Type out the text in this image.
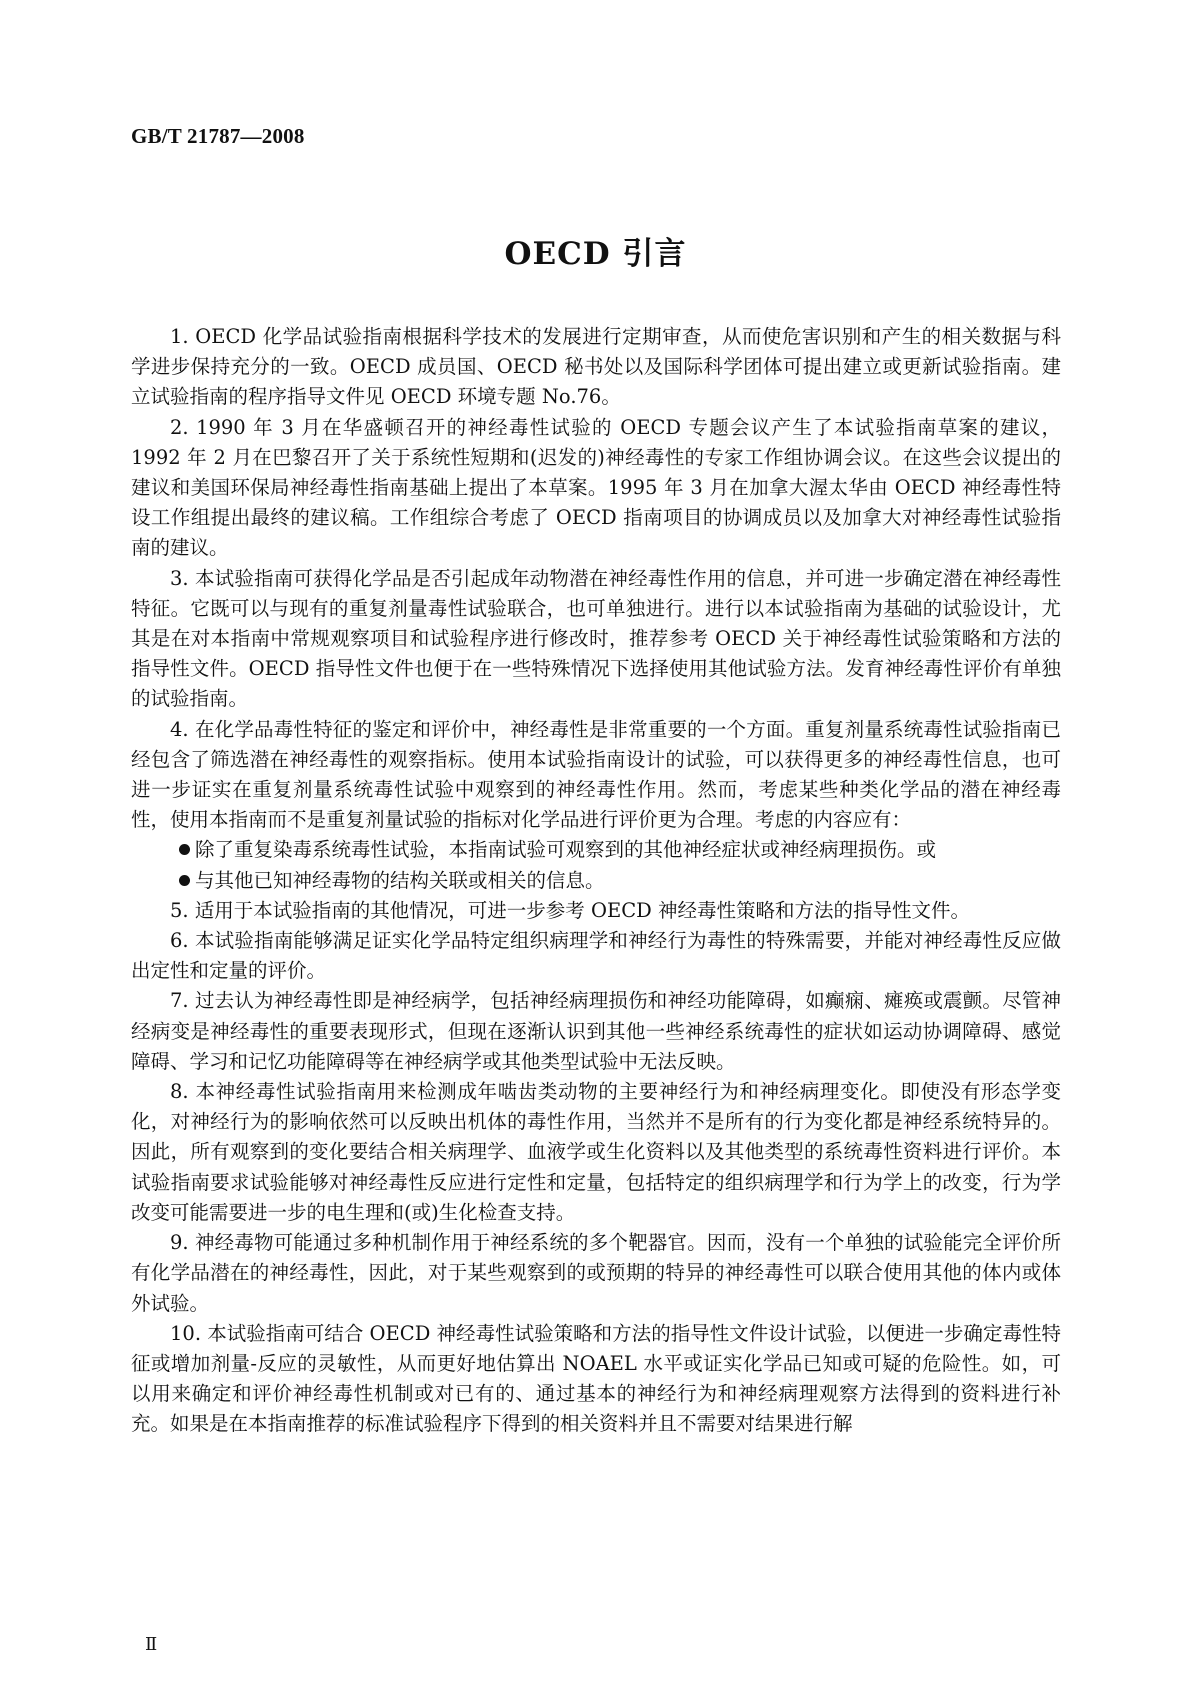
GB/T 21787—2008
OECD 引言

1. OECD 化学品试验指南根据科学技术的发展进行定期审查，从而使危害识别和产生的相关数据与科学进步保持充分的一致。OECD 成员国、OECD 秘书处以及国际科学团体可提出建立或更新试验指南。建立试验指南的程序指导文件见 OECD 环境专题 No.76。

2. 1990 年 3 月在华盛顿召开的神经毒性试验的 OECD 专题会议产生了本试验指南草案的建议，1992 年 2 月在巴黎召开了关于系统性短期和(迟发的)神经毒性的专家工作组协调会议。在这些会议提出的建议和美国环保局神经毒性指南基础上提出了本草案。1995 年 3 月在加拿大渥太华由 OECD 神经毒性特设工作组提出最终的建议稿。工作组综合考虑了 OECD 指南项目的协调成员以及加拿大对神经毒性试验指南的建议。

3. 本试验指南可获得化学品是否引起成年动物潜在神经毒性作用的信息，并可进一步确定潜在神经毒性特征。它既可以与现有的重复剂量毒性试验联合，也可单独进行。进行以本试验指南为基础的试验设计，尤其是在对本指南中常规观察项目和试验程序进行修改时，推荐参考 OECD 关于神经毒性试验策略和方法的指导性文件。OECD 指导性文件也便于在一些特殊情况下选择使用其他试验方法。发育神经毒性评价有单独的试验指南。

4. 在化学品毒性特征的鉴定和评价中，神经毒性是非常重要的一个方面。重复剂量系统毒性试验指南已经包含了筛选潜在神经毒性的观察指标。使用本试验指南设计的试验，可以获得更多的神经毒性信息，也可进一步证实在重复剂量系统毒性试验中观察到的神经毒性作用。然而，考虑某些种类化学品的潜在神经毒性，使用本指南而不是重复剂量试验的指标对化学品进行评价更为合理。考虑的内容应有：

除了重复染毒系统毒性试验，本指南试验可观察到的其他神经症状或神经病理损伤。或
与其他已知神经毒物的结构关联或相关的信息。

5. 适用于本试验指南的其他情况，可进一步参考 OECD 神经毒性策略和方法的指导性文件。

6. 本试验指南能够满足证实化学品特定组织病理学和神经行为毒性的特殊需要，并能对神经毒性反应做出定性和定量的评价。

7. 过去认为神经毒性即是神经病学，包括神经病理损伤和神经功能障碍，如癫痫、瘫痪或震颤。尽管神经病变是神经毒性的重要表现形式，但现在逐渐认识到其他一些神经系统毒性的症状如运动协调障碍、感觉障碍、学习和记忆功能障碍等在神经病学或其他类型试验中无法反映。

8. 本神经毒性试验指南用来检测成年啮齿类动物的主要神经行为和神经病理变化。即使没有形态学变化，对神经行为的影响依然可以反映出机体的毒性作用，当然并不是所有的行为变化都是神经系统特异的。因此，所有观察到的变化要结合相关病理学、血液学或生化资料以及其他类型的系统毒性资料进行评价。本试验指南要求试验能够对神经毒性反应进行定性和定量，包括特定的组织病理学和行为学上的改变，行为学改变可能需要进一步的电生理和(或)生化检查支持。

9. 神经毒物可能通过多种机制作用于神经系统的多个靶器官。因而，没有一个单独的试验能完全评价所有化学品潜在的神经毒性，因此，对于某些观察到的或预期的特异的神经毒性可以联合使用其他的体内或体外试验。

10. 本试验指南可结合 OECD 神经毒性试验策略和方法的指导性文件设计试验，以便进一步确定毒性特征或增加剂量-反应的灵敏性，从而更好地估算出 NOAEL 水平或证实化学品已知或可疑的危险性。如，可以用来确定和评价神经毒性机制或对已有的、通过基本的神经行为和神经病理观察方法得到的资料进行补充。如果是在本指南推荐的标准试验程序下得到的相关资料并且不需要对结果进行解

Ⅱ
